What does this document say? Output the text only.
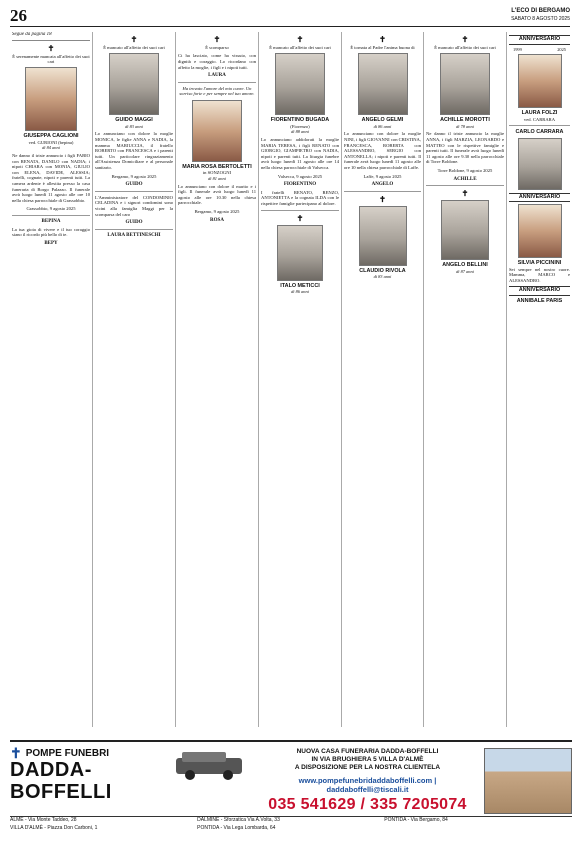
26	L'ECO DI BERGAMO
SABATO 8 AGOSTO 2025
Segue da pagina 18
✝
È serenamente mancata all'affetto dei suoi cari
GIUSEPPA CAGLIONI
ved. GURIONI (bepina)
di 84 anni
Ne danno il triste annuncio i figli FABIO con RENATA, DANILO con NADIA; i nipoti CHIARA con MONIA, GIULIO con ELENA, DAVIDE, ALESSIA; fratelli, cognate, nipoti e parenti tutti. La camera ardente è allestita presso la casa funeraria di Borgo Palazzo. Il funerale avrà luogo lunedì 11 agosto alle ore 10 nella chiesa parrocchiale di Grassobbio.
Grassobbio, 9 agosto 2025
BEPINA
La tua gioia di vivere e il tuo coraggio siano il ricordo più bello di te.
BEPY
✝
È mancato all'affetto dei suoi cari
GUIDO MAGGI
di 83 anni
Lo annunciano con dolore la moglie MONICA, le figlie ANNA e NADIA, la mamma MARIUCCIA, il fratello ROBERTO con FRANCESCA e i parenti tutti. Un particolare ringraziamento all'Assistenza Domiciliare e al personale sanitario.
Bergamo, 9 agosto 2025
GUIDO
L'Amministratore del CONDOMINIO CELADINA e i signori condomini sono vicini alla famiglia Maggi per la scomparsa del caro
GUIDO
LAURA BETTINESCHI
✝
È scomparso
Ci ha lasciato, come ha vissuto, con dignità e coraggio. Lo ricordano con affetto la moglie, i figli e i nipoti tutti.
LAURA
Ha trovato l'amore del mio cuore. Un sorriso forte e per sempre nel tuo amore.
MARIA ROSA BERTOLETTI
in SONZOGNI
di 81 anni
Lo annunciano con dolore il marito e i figli. Il funerale avrà luogo lunedì 11 agosto alle ore 10.30 nella chiesa parrocchiale.
Bergamo, 9 agosto 2025
ROSA
✝
È mancato all'affetto dei suoi cari
FIORENTINO BUGADA
(Fiorenzo)
di 88 anni
Lo annunciano addolorati la moglie MARIA TERESA, i figli RENATO con GIORGIO, GIAMPIETRO con NADIA, nipoti e parenti tutti. La liturgia funebre avrà luogo lunedì 11 agosto alle ore 14 nella chiesa parrocchiale di Valsecca.
Valsecca, 9 agosto 2025
FIORENTINO
I fratelli RENATO, RENZO, ANTONIETTA e la cognata ILDA con le rispettive famiglie partecipano al dolore.
✝
ITALO METICCI
di 86 anni
✝
È tornata al Padre l'anima buona di
ANGELO GELMI
di 86 anni
Lo annunciano con dolore la moglie NINI, i figli GIOVANNI con CRISTINA, FRANCESCA, ROBERTA con ALESSANDRO, SERGIO con ANTONELLA; i nipoti e parenti tutti. Il funerale avrà luogo lunedì 11 agosto alle ore 10 nella chiesa parrocchiale di Laffe.
Laffe, 9 agosto 2025
ANGELO
✝
CLAUDIO RIVOLA
di 83 anni
✝
È mancato all'affetto dei suoi cari
ACHILLE MOROTTI
di 78 anni
Ne danno il triste annuncio la moglie ANNA, i figli MARZIA, LEONARDO e MATTEO con le rispettive famiglie e parenti tutti. Il funerale avrà luogo lunedì 11 agosto alle ore 9.30 nella parrocchiale di Torre Boldone.
Torre Boldone, 9 agosto 2025
ACHILLE
✝
ANGELO BELLINI
di 87 anni
ANNIVERSARIO
1999	2025
LAURA FOLZI
ved. CARRARA
CARLO CARRARA
ANNIVERSARIO
SILVIA PICCININI
Sei sempre nel nostro cuore. Mamma, MARCO e ALESSANDRO.
ANNIVERSARIO
ANNIBALE PARIS
✝ POMPE FUNEBRI
DADDA-BOFFELLI
NUOVA CASA FUNERARIA DADDA-BOFFELLI
IN VIA BRUGHIERA 5 VILLA D'ALMÈ
A DISPOSIZIONE PER LA NOSTRA CLIENTELA
www.pompefunebridaddaboffelli.com | daddaboffelli@tiscali.it
035 541629 / 335 7205074
ALMÈ - Via Monte Taddeo, 28	DALMINE - Sforzatica Via A.Volta, 33	PONTIDA - Via Bergamo, 84
VILLA D'ALMÈ - Piazza Don Carboni, 1	PONTIDA - Via Lega Lombarda, 64
